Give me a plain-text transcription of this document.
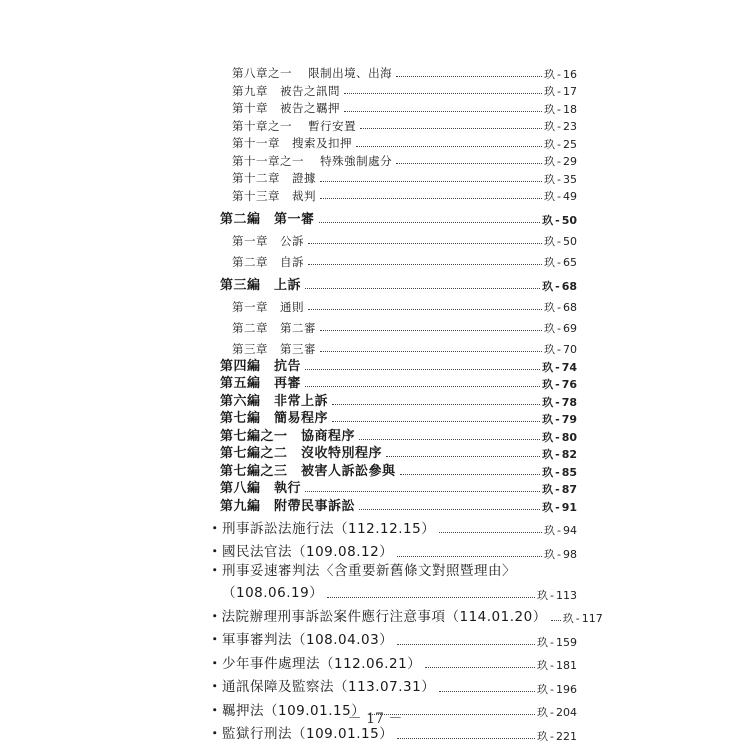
第八章之一　 限制出境、出海	玖 - 16
第九章　被告之訊問	玖 - 17
第十章　被告之羈押	玖 - 18
第十章之一　 暫行安置	玖 - 23
第十一章　搜索及扣押	玖 - 25
第十一章之一　 特殊強制處分	玖 - 29
第十二章　證據	玖 - 35
第十三章　裁判	玖 - 49
第二編　第一審	玖 - 50
第一章　公訴	玖 - 50
第二章　自訴	玖 - 65
第三編　上訴	玖 - 68
第一章　通則	玖 - 68
第二章　第二審	玖 - 69
第三章　第三審	玖 - 70
第四編　抗告	玖 - 74
第五編　再審	玖 - 76
第六編　非常上訴	玖 - 78
第七編　簡易程序	玖 - 79
第七編之一　協商程序	玖 - 80
第七編之二　沒收特別程序	玖 - 82
第七編之三　被害人訴訟參與	玖 - 85
第八編　執行	玖 - 87
第九編　附帶民事訴訟	玖 - 91
・ 刑事訴訟法施行法（112.12.15）	玖 - 94
・ 國民法官法（109.08.12）	玖 - 98
・ 刑事妥速審判法〈含重要新舊條文對照暨理由〉
（108.06.19）	玖 - 113
・ 法院辦理刑事訴訟案件應行注意事項（114.01.20） 玖 - 117
・ 軍事審判法（108.04.03）	玖 - 159
・ 少年事件處理法（112.06.21）	玖 - 181
・ 通訊保障及監察法（113.07.31）	玖 - 196
・ 羈押法（109.01.15）	玖 - 204
・ 監獄行刑法（109.01.15）	玖 - 221
－ 17 －
